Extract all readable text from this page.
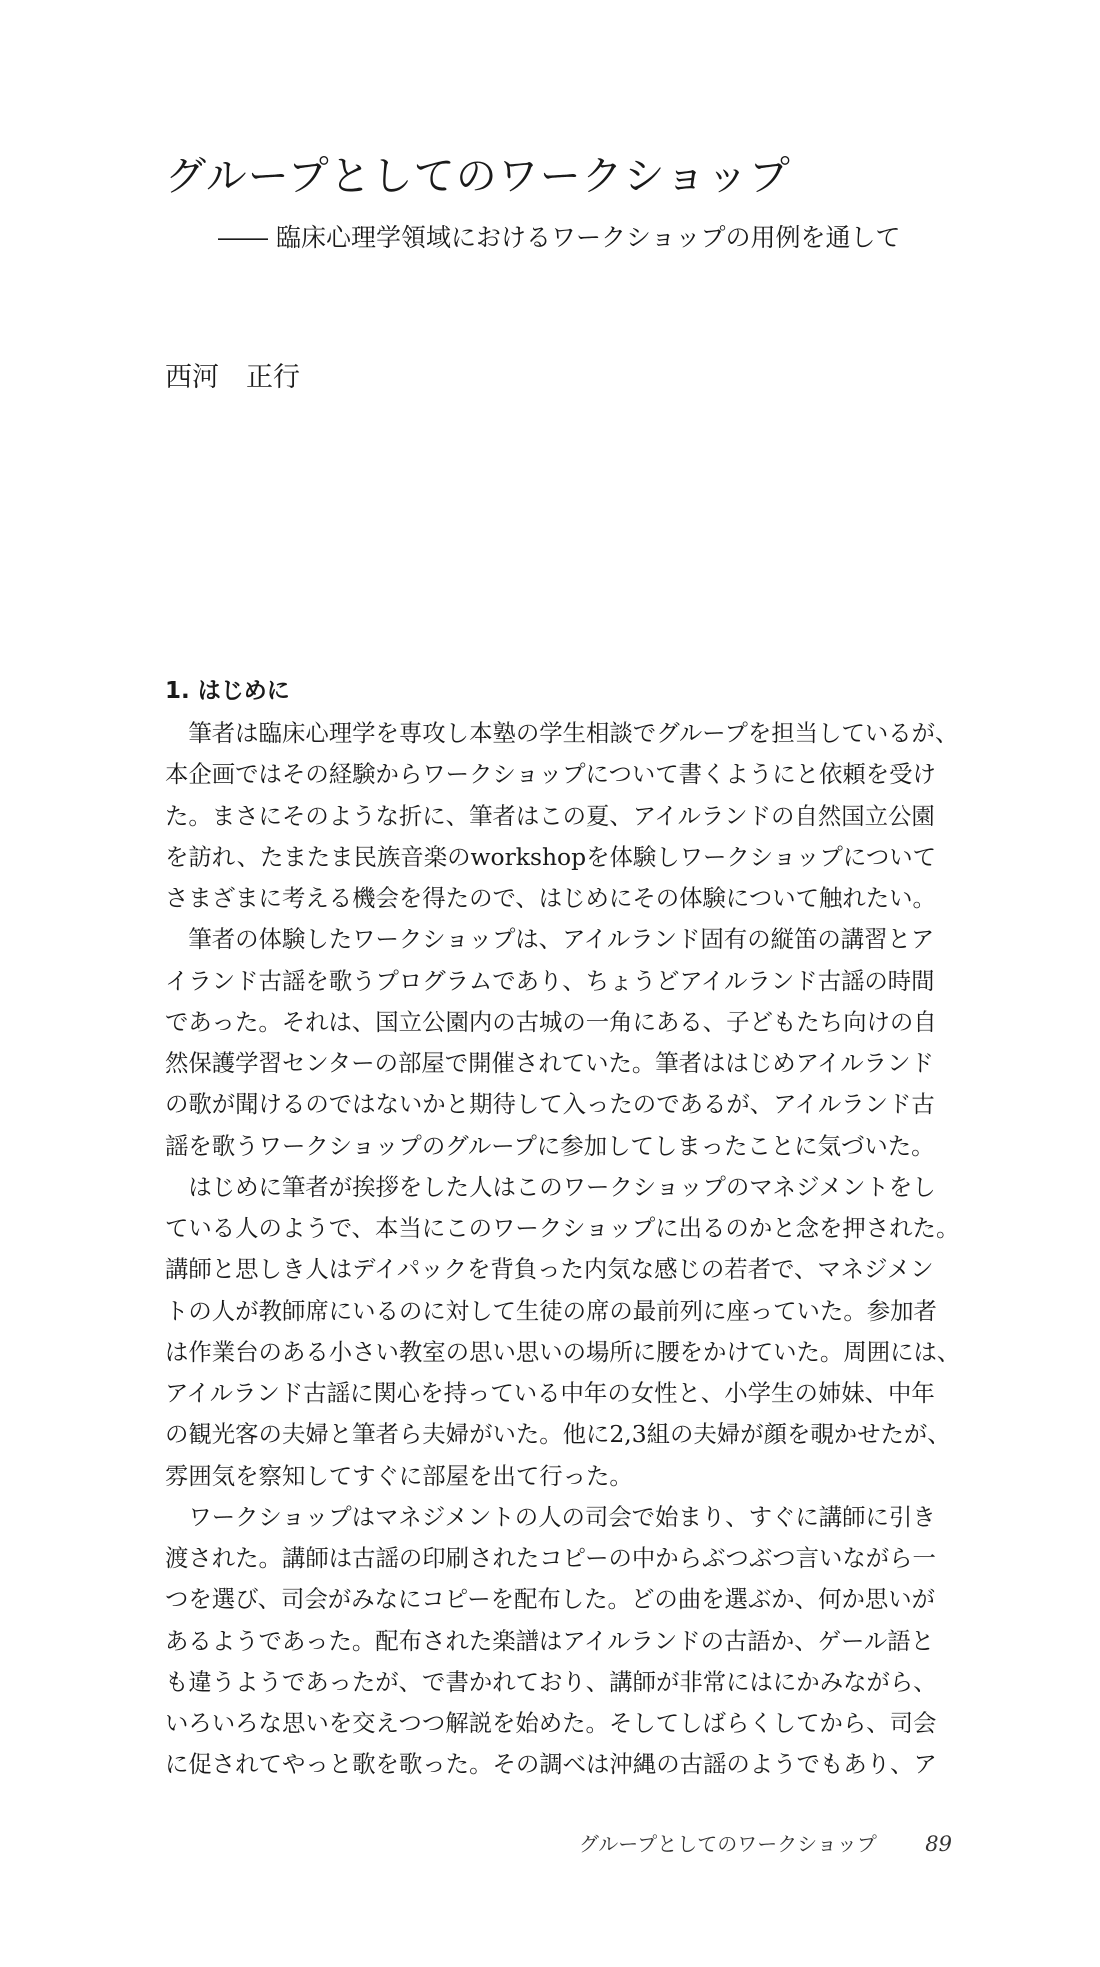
グループとしてのワークショップ
―― 臨床心理学領域におけるワークショップの用例を通して
西河　正行
1. はじめに
　筆者は臨床心理学を専攻し本塾の学生相談でグループを担当しているが、
本企画ではその経験からワークショップについて書くようにと依頼を受け
た。まさにそのような折に、筆者はこの夏、アイルランドの自然国立公園
を訪れ、たまたま民族音楽のworkshopを体験しワークショップについて
さまざまに考える機会を得たので、はじめにその体験について触れたい。
　筆者の体験したワークショップは、アイルランド固有の縦笛の講習とア
イランド古謡を歌うプログラムであり、ちょうどアイルランド古謡の時間
であった。それは、国立公園内の古城の一角にある、子どもたち向けの自
然保護学習センターの部屋で開催されていた。筆者ははじめアイルランド
の歌が聞けるのではないかと期待して入ったのであるが、アイルランド古
謡を歌うワークショップのグループに参加してしまったことに気づいた。
　はじめに筆者が挨拶をした人はこのワークショップのマネジメントをし
ている人のようで、本当にこのワークショップに出るのかと念を押された。
講師と思しき人はデイパックを背負った内気な感じの若者で、マネジメン
トの人が教師席にいるのに対して生徒の席の最前列に座っていた。参加者
は作業台のある小さい教室の思い思いの場所に腰をかけていた。周囲には、
アイルランド古謡に関心を持っている中年の女性と、小学生の姉妹、中年
の観光客の夫婦と筆者ら夫婦がいた。他に2,3組の夫婦が顔を覗かせたが、
雰囲気を察知してすぐに部屋を出て行った。
　ワークショップはマネジメントの人の司会で始まり、すぐに講師に引き
渡された。講師は古謡の印刷されたコピーの中からぶつぶつ言いながら一
つを選び、司会がみなにコピーを配布した。どの曲を選ぶか、何か思いが
あるようであった。配布された楽譜はアイルランドの古語か、ゲール語と
も違うようであったが、で書かれており、講師が非常にはにかみながら、
いろいろな思いを交えつつ解説を始めた。そしてしばらくしてから、司会
に促されてやっと歌を歌った。その調べは沖縄の古謡のようでもあり、ア
グループとしてのワークショップ 89
